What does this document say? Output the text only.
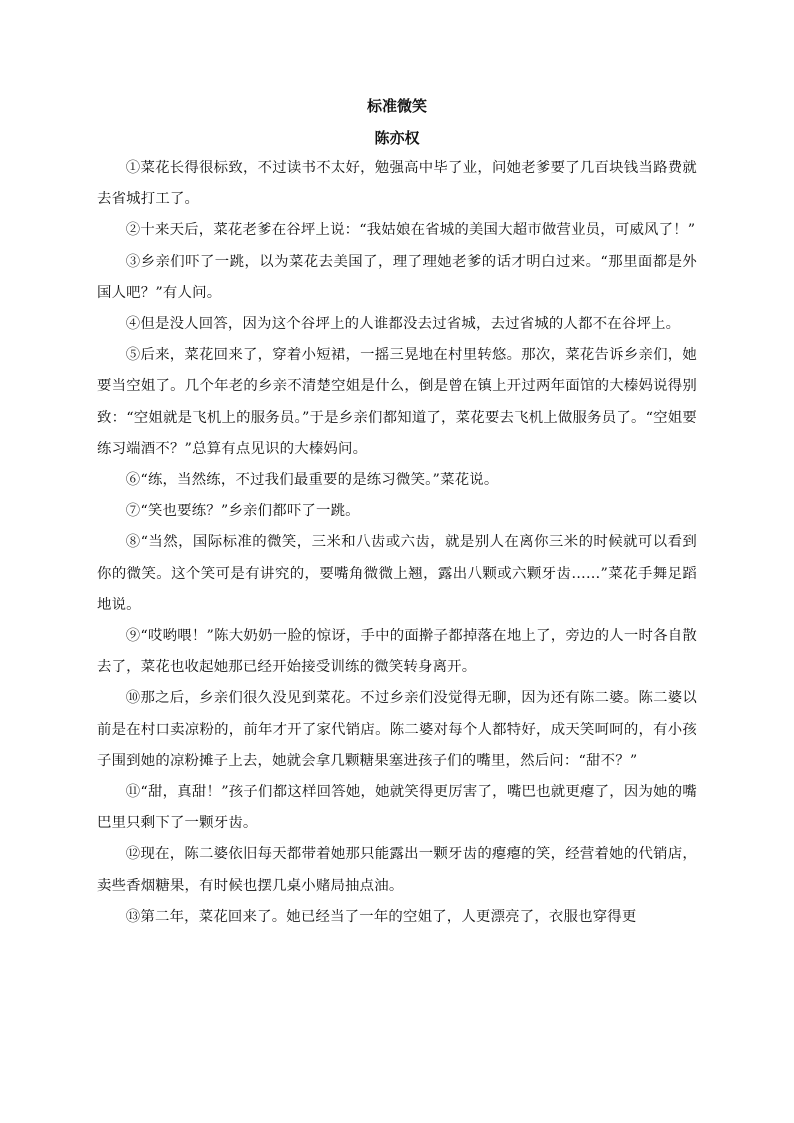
标准微笑
陈亦权

①菜花长得很标致，不过读书不太好，勉强高中毕了业，问她老爹要了几百块钱当路费就去省城打工了。

②十来天后，菜花老爹在谷坪上说：“我姑娘在省城的美国大超市做营业员，可威风了！”

③乡亲们吓了一跳，以为菜花去美国了，理了理她老爹的话才明白过来。“那里面都是外国人吧？”有人问。

④但是没人回答，因为这个谷坪上的人谁都没去过省城，去过省城的人都不在谷坪上。

⑤后来，菜花回来了，穿着小短裙，一摇三晃地在村里转悠。那次，菜花告诉乡亲们，她要当空姐了。几个年老的乡亲不清楚空姐是什么，倒是曾在镇上开过两年面馆的大榛妈说得别致：“空姐就是飞机上的服务员。”于是乡亲们都知道了，菜花要去飞机上做服务员了。“空姐要练习端酒不？”总算有点见识的大榛妈问。

⑥“练，当然练，不过我们最重要的是练习微笑。”菜花说。

⑦“笑也要练？”乡亲们都吓了一跳。

⑧“当然，国际标准的微笑，三米和八齿或六齿，就是别人在离你三米的时候就可以看到你的微笑。这个笑可是有讲究的，要嘴角微微上翘，露出八颗或六颗牙齿……”菜花手舞足蹈地说。

⑨“哎哟喂！”陈大奶奶一脸的惊讶，手中的面擀子都掉落在地上了，旁边的人一时各自散去了，菜花也收起她那已经开始接受训练的微笑转身离开。

⑩那之后，乡亲们很久没见到菜花。不过乡亲们没觉得无聊，因为还有陈二婆。陈二婆以前是在村口卖凉粉的，前年才开了家代销店。陈二婆对每个人都特好，成天笑呵呵的，有小孩子围到她的凉粉摊子上去，她就会拿几颗糖果塞进孩子们的嘴里，然后问：“甜不？”

⑪“甜，真甜！”孩子们都这样回答她，她就笑得更厉害了，嘴巴也就更瘪了，因为她的嘴巴里只剩下了一颗牙齿。

⑫现在，陈二婆依旧每天都带着她那只能露出一颗牙齿的瘪瘪的笑，经营着她的代销店，卖些香烟糖果，有时候也摆几桌小赌局抽点油。

⑬第二年，菜花回来了。她已经当了一年的空姐了，人更漂亮了，衣服也穿得更
